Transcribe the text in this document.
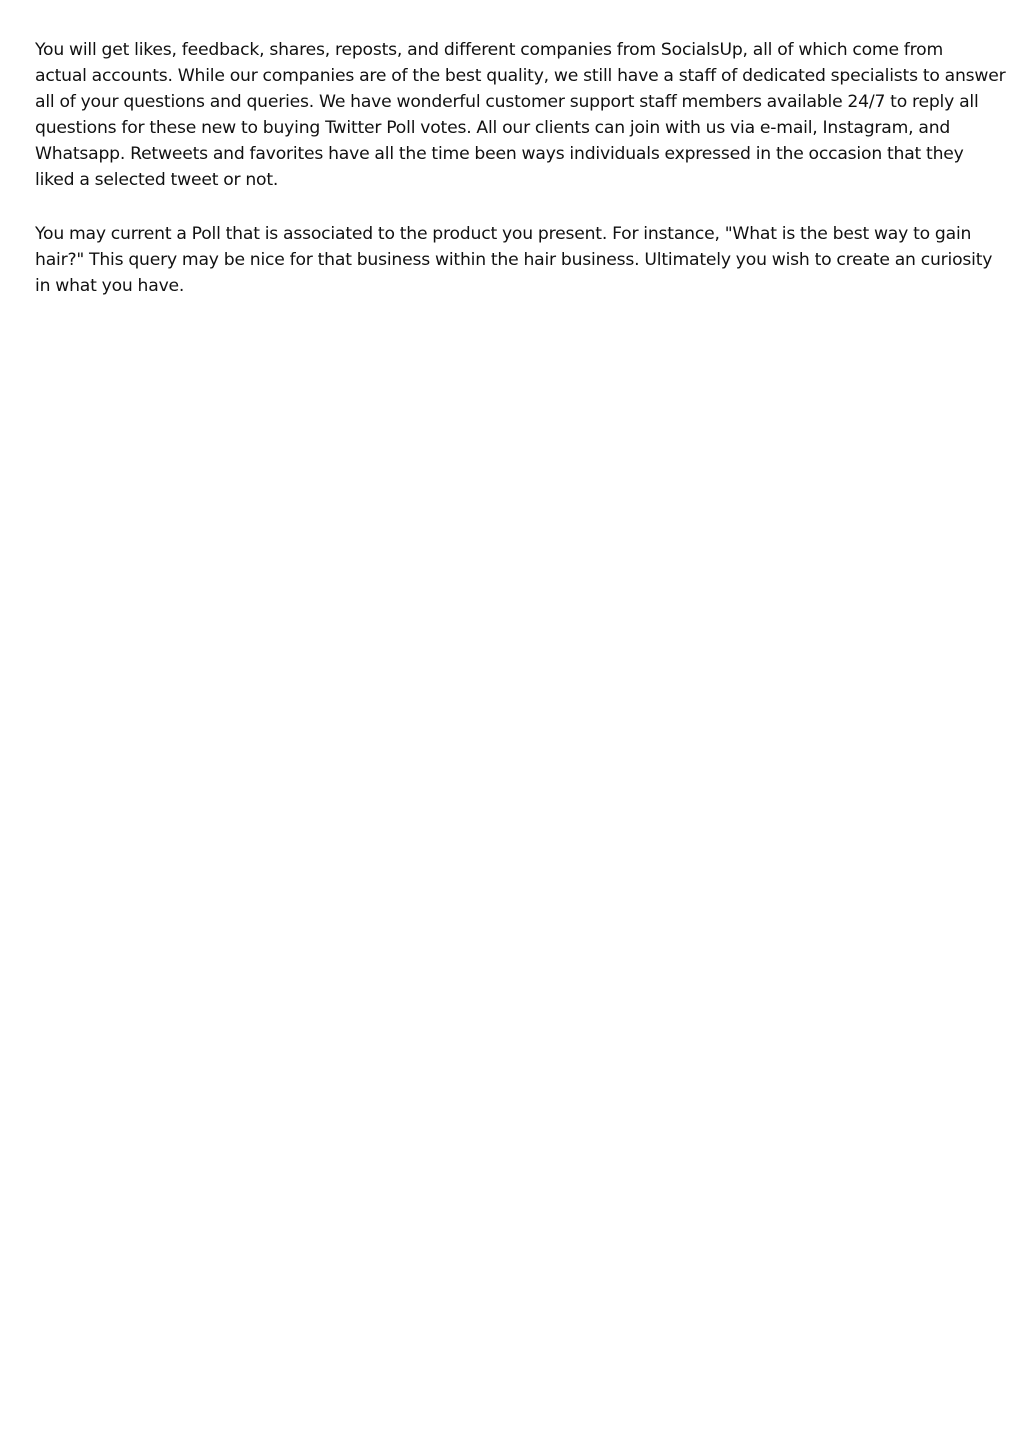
You will get likes, feedback, shares, reposts, and different companies from SocialsUp, all of which come from
actual accounts. While our companies are of the best quality, we still have a staff of dedicated specialists to answer
all of your questions and queries. We have wonderful customer support staff members available 24/7 to reply all
questions for these new to buying Twitter Poll votes. All our clients can join with us via e-mail, Instagram, and
Whatsapp. Retweets and favorites have all the time been ways individuals expressed in the occasion that they
liked a selected tweet or not.

You may current a Poll that is associated to the product you present. For instance, "What is the best way to gain
hair?" This query may be nice for that business within the hair business. Ultimately you wish to create an curiosity
in what you have.
